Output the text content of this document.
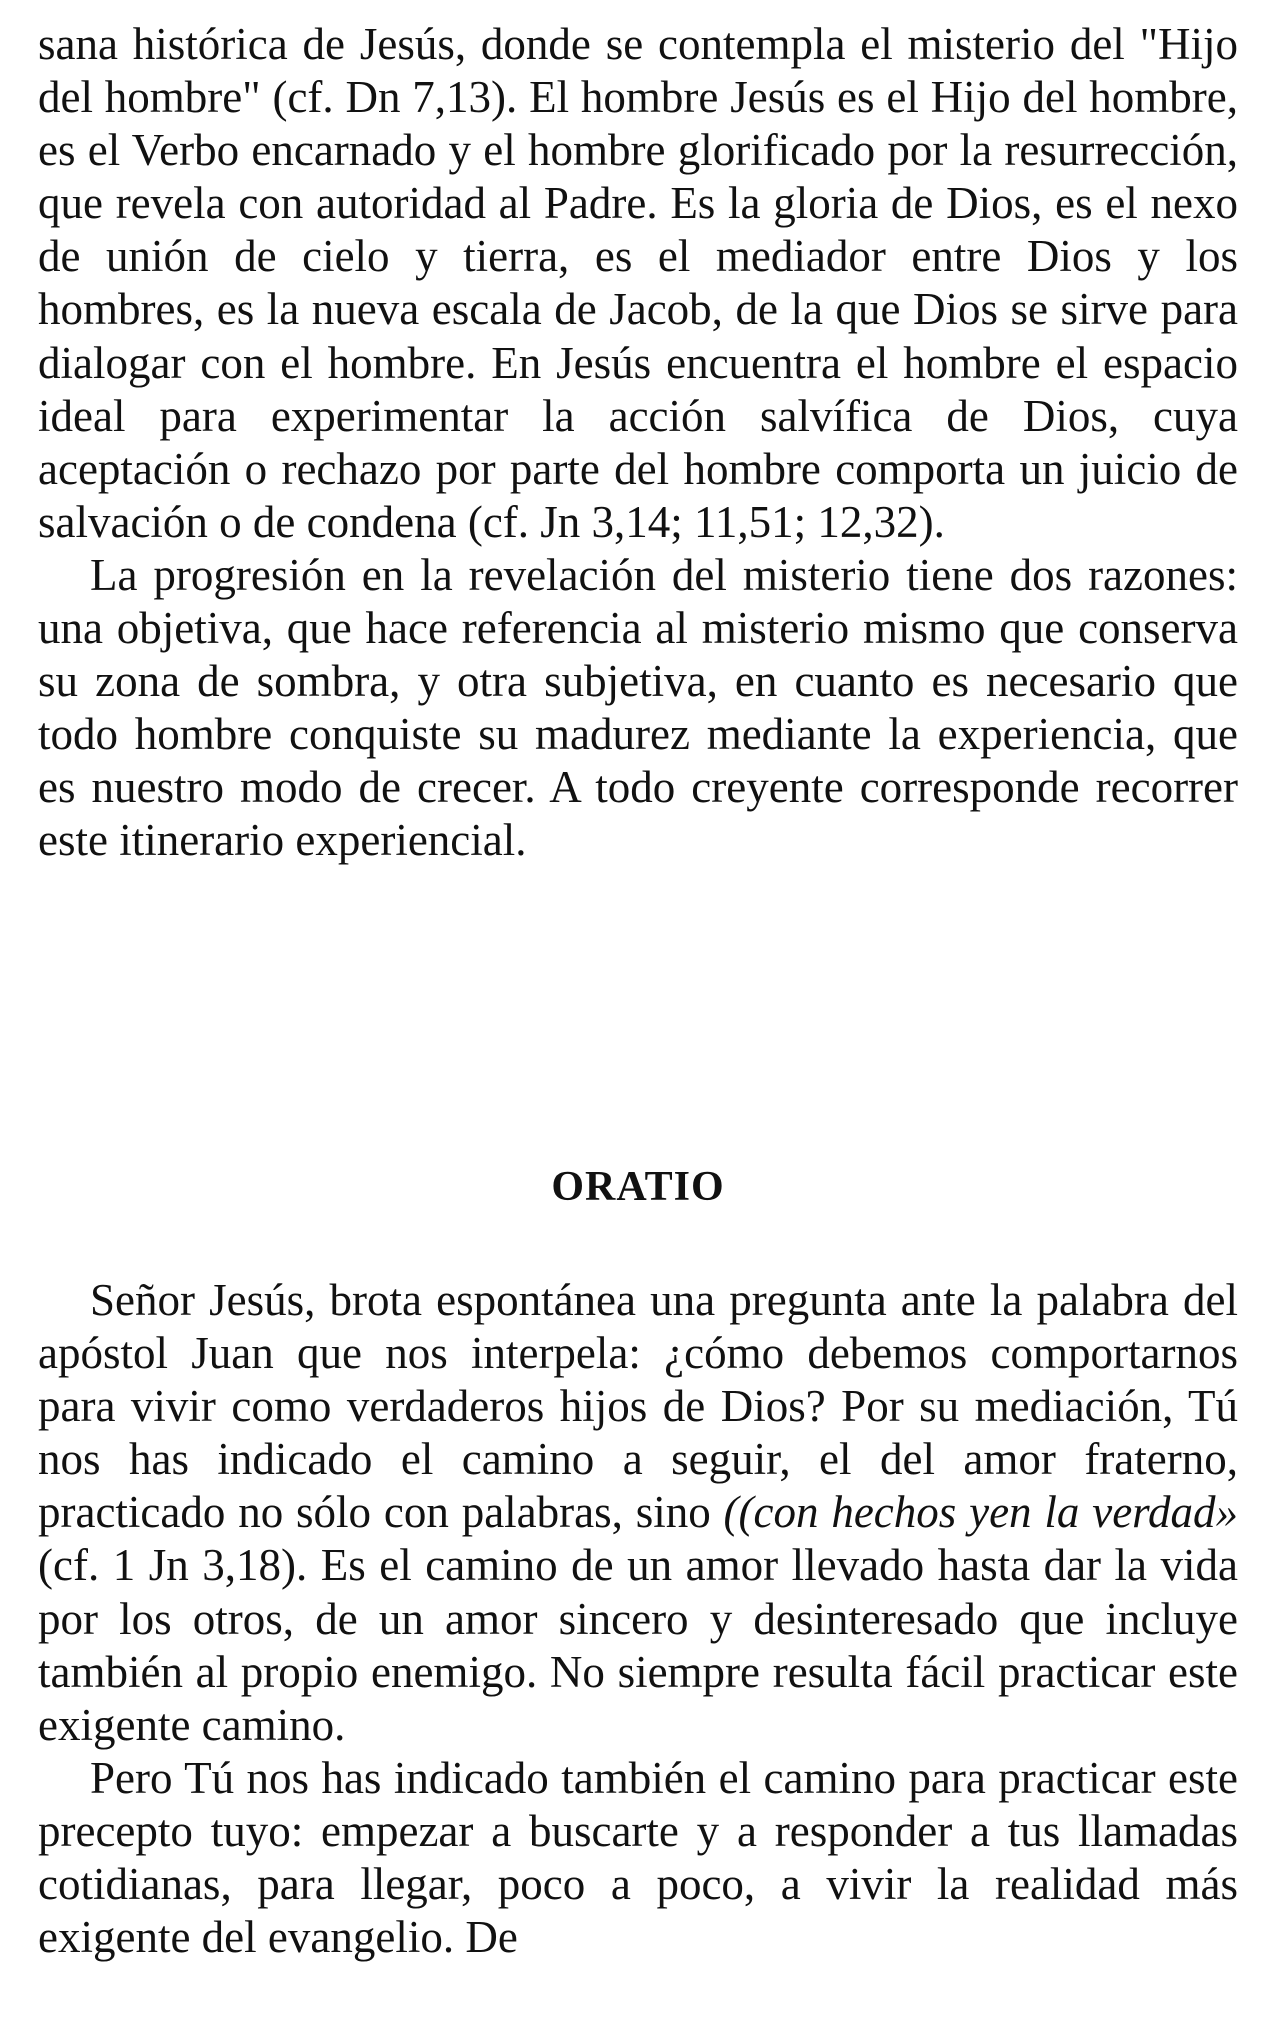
sana histórica de Jesús, donde se contempla el misterio del "Hijo del hombre" (cf. Dn 7,13). El hombre Jesús es el Hijo del hombre, es el Verbo encarnado y el hombre glorificado por la resurrección, que revela con autoridad al Padre. Es la gloria de Dios, es el nexo de unión de cielo y tierra, es el mediador entre Dios y los hombres, es la nueva escala de Jacob, de la que Dios se sirve para dialogar con el hombre. En Jesús encuentra el hombre el espacio ideal para experimentar la acción salvífica de Dios, cuya aceptación o rechazo por parte del hombre comporta un juicio de salvación o de condena (cf. Jn 3,14; 11,51; 12,32).

La progresión en la revelación del misterio tiene dos razones: una objetiva, que hace referencia al misterio mismo que conserva su zona de sombra, y otra subjetiva, en cuanto es necesario que todo hombre conquiste su madurez mediante la experiencia, que es nuestro modo de crecer. A todo creyente corresponde recorrer este itinerario experiencial.

ORATIO

Señor Jesús, brota espontánea una pregunta ante la palabra del apóstol Juan que nos interpela: ¿cómo debemos comportarnos para vivir como verdaderos hijos de Dios? Por su mediación, Tú nos has indicado el camino a seguir, el del amor fraterno, practicado no sólo con palabras, sino ((con hechos yen la verdad» (cf. 1 Jn 3,18). Es el camino de un amor llevado hasta dar la vida por los otros, de un amor sincero y desinteresado que incluye también al propio enemigo. No siempre resulta fácil practicar este exigente camino.

Pero Tú nos has indicado también el camino para practicar este precepto tuyo: empezar a buscarte y a responder a tus llamadas cotidianas, para llegar, poco a poco, a vivir la realidad más exigente del evangelio. De
